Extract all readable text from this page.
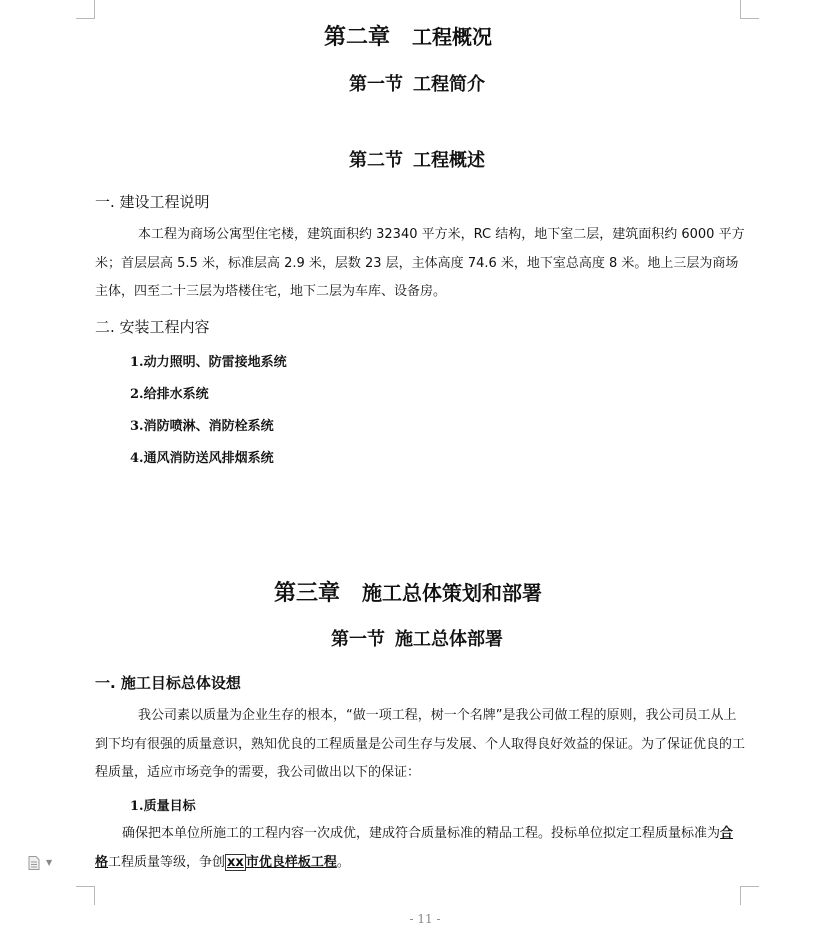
第二章 工程概况
第一节 工程简介
第二节 工程概述
一. 建设工程说明
本工程为商场公寓型住宅楼，建筑面积约 32340 平方米，RC 结构，地下室二层，建筑面积约 6000 平方米；首层层高 5.5 米，标准层高 2.9 米，层数 23 层，主体高度 74.6 米，地下室总高度 8 米。地上三层为商场主体，四至二十三层为塔楼住宅，地下二层为车库、设备房。
二. 安装工程内容
1.动力照明、防雷接地系统
2.给排水系统
3.消防喷淋、消防栓系统
4.通风消防送风排烟系统
第三章 施工总体策划和部署
第一节 施工总体部署
一. 施工目标总体设想
我公司素以质量为企业生存的根本，“做一项工程，树一个名牌”是我公司做工程的原则，我公司员工从上到下均有很强的质量意识，熟知优良的工程质量是公司生存与发展、个人取得良好效益的保证。为了保证优良的工程质量，适应市场竞争的需要，我公司做出以下的保证：
1.质量目标
确保把本单位所施工的工程内容一次成优，建成符合质量标准的精品工程。投标单位拟定工程质量标准为合格工程质量等级，争创 xx 市优良样板工程。
- 11 -
▼
